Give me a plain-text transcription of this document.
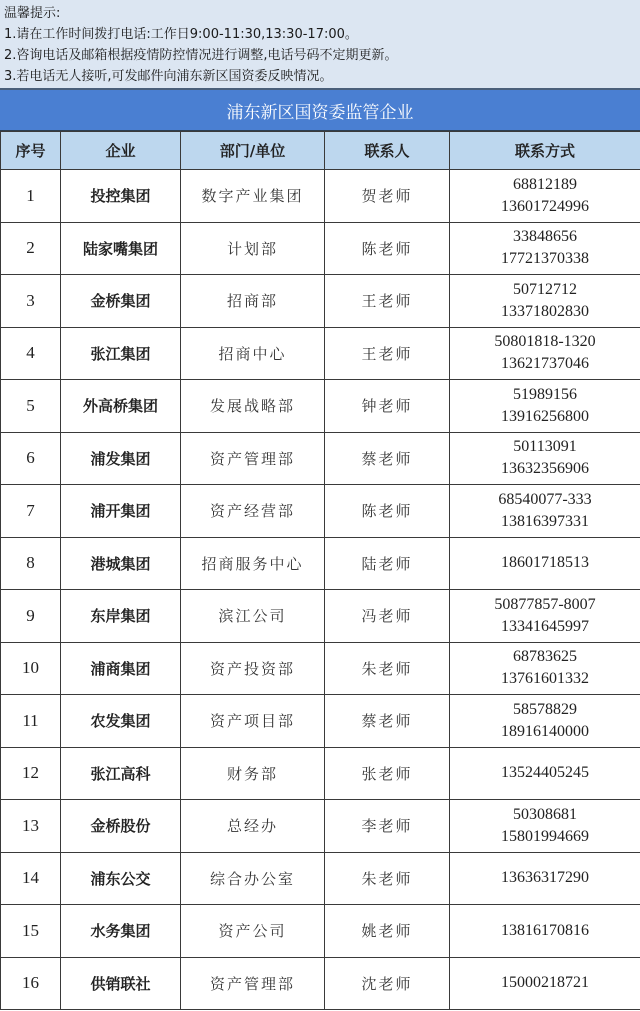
温馨提示:
1.请在工作时间拨打电话:工作日9:00-11:30,13:30-17:00。
2.咨询电话及邮箱根据疫情防控情况进行调整,电话号码不定期更新。
3.若电话无人接听,可发邮件向浦东新区国资委反映情况。
浦东新区国资委监管企业
序号	企业	部门/单位	联系人	联系方式
1	投控集团	数字产业集团	贺老师	68812189
13601724996

2	陆家嘴集团	计划部	陈老师	33848656
17721370338

3	金桥集团	招商部	王老师	50712712
13371802830

4	张江集团	招商中心	王老师	50801818-1320
13621737046

5	外高桥集团	发展战略部	钟老师	51989156
13916256800

6	浦发集团	资产管理部	蔡老师	50113091
13632356906

7	浦开集团	资产经营部	陈老师	68540077-333
13816397331

8	港城集团	招商服务中心	陆老师	18601718513

9	东岸集团	滨江公司	冯老师	50877857-8007
13341645997

10	浦商集团	资产投资部	朱老师	68783625
13761601332

11	农发集团	资产项目部	蔡老师	58578829
18916140000

12	张江高科	财务部	张老师	13524405245

13	金桥股份	总经办	李老师	50308681
15801994669

14	浦东公交	综合办公室	朱老师	13636317290

15	水务集团	资产公司	姚老师	13816170816

16	供销联社	资产管理部	沈老师	15000218721
